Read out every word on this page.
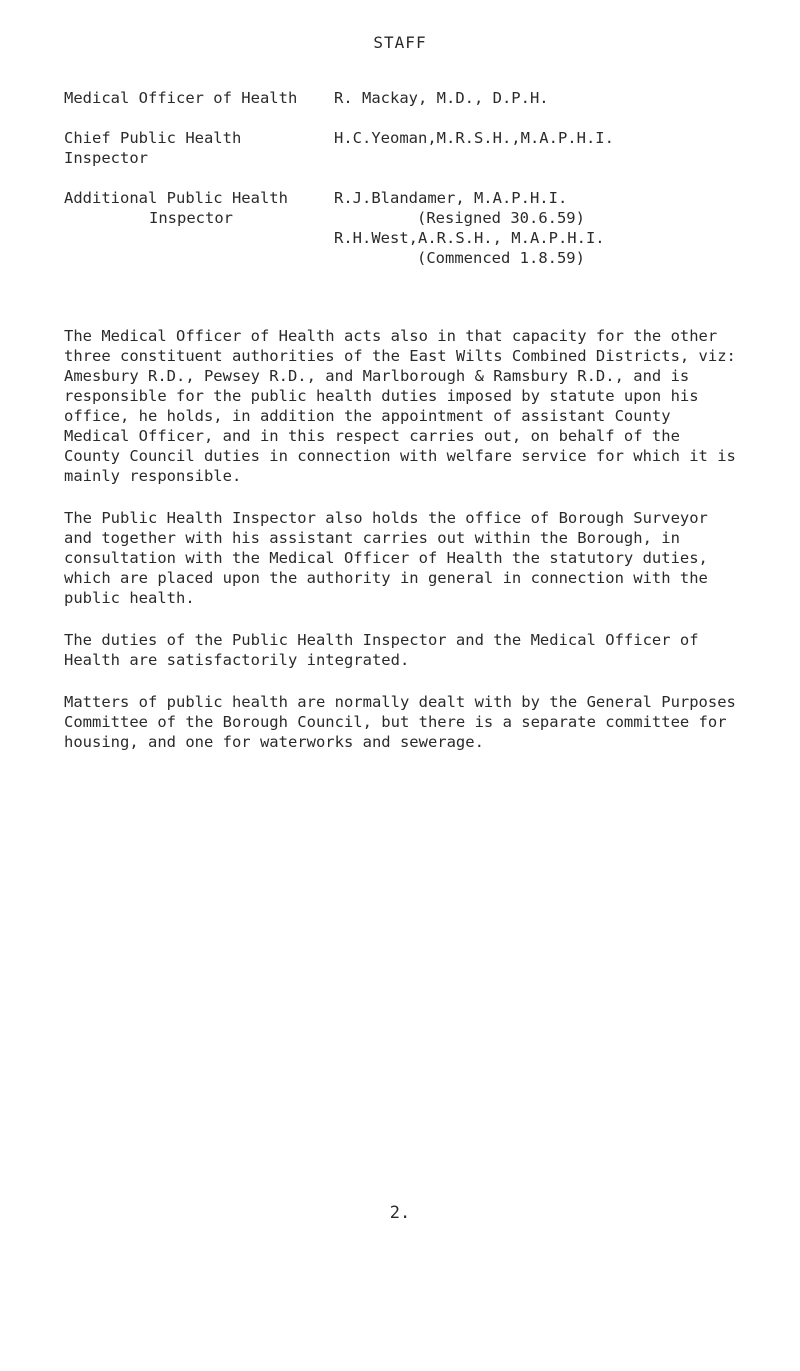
STAFF
Medical Officer of Health	R. Mackay, M.D., D.P.H.
Chief Public Health Inspector
H.C.Yeoman,M.R.S.H.,M.A.P.H.I.
Additional Public Health
Inspector
R.J.Blandamer, M.A.P.H.I.
(Resigned 30.6.59)
R.H.West,A.R.S.H., M.A.P.H.I.
(Commenced 1.8.59)

The Medical Officer of Health acts also in that capacity for the other three constituent authorities of the East Wilts Combined Districts, viz: Amesbury R.D., Pewsey R.D., and Marlborough & Ramsbury R.D., and is responsible for the public health duties imposed by statute upon his office, he holds, in addition the appointment of assistant County Medical Officer, and in this respect carries out, on behalf of the County Council duties in connection with welfare service for which it is mainly responsible.

The Public Health Inspector also holds the office of Borough Surveyor and together with his assistant carries out within the Borough, in consultation with the Medical Officer of Health the statutory duties, which are placed upon the authority in general in connection with the public health.

The duties of the Public Health Inspector and the Medical Officer of Health are satisfactorily integrated.

Matters of public health are normally dealt with by the General Purposes Committee of the Borough Council, but there is a separate committee for housing, and one for waterworks and sewerage.

2.
